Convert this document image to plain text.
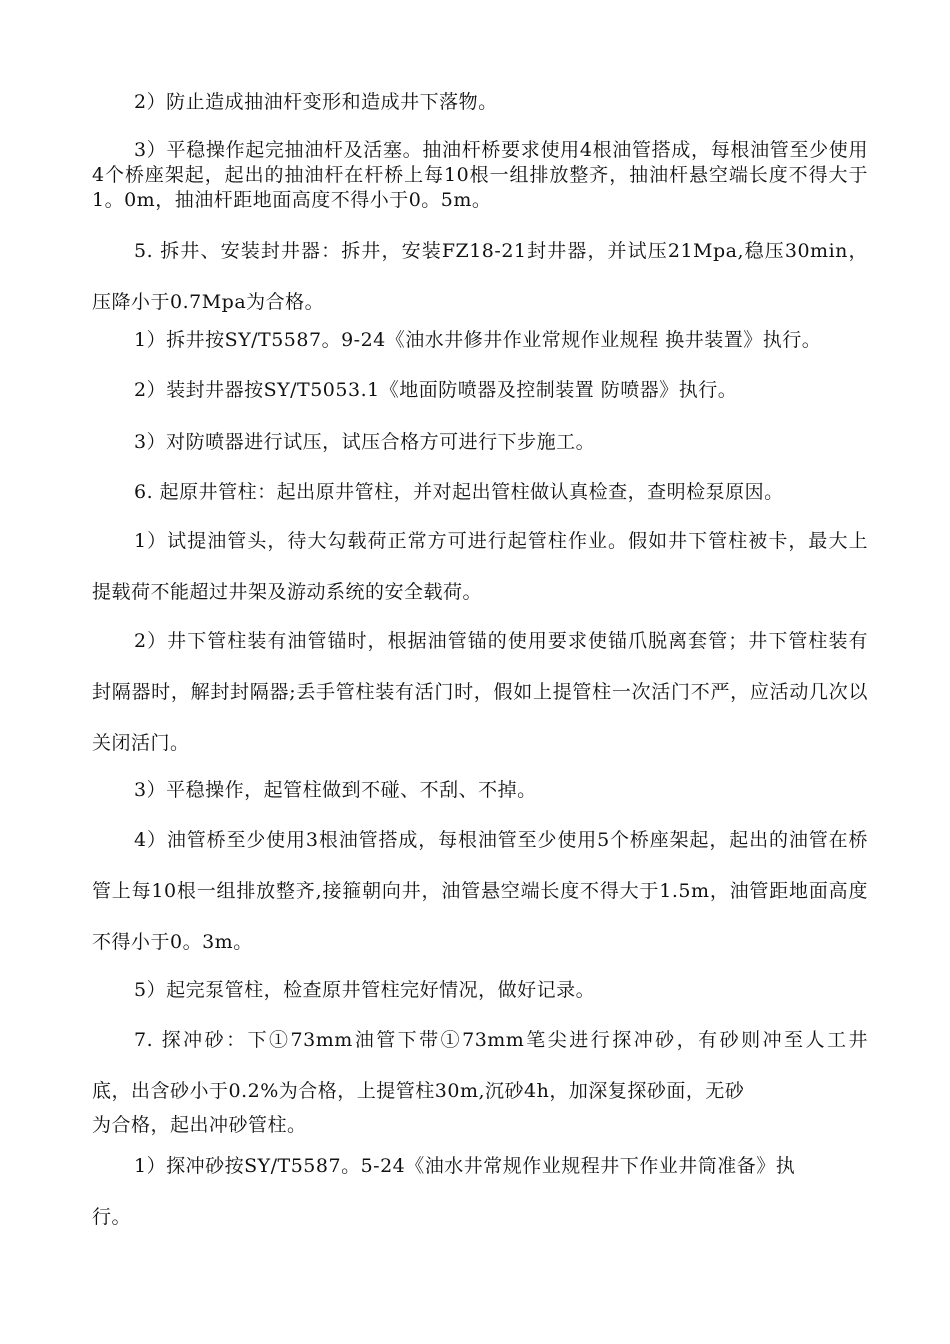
2）防止造成抽油杆变形和造成井下落物。

3）平稳操作起完抽油杆及活塞。抽油杆桥要求使用4根油管搭成，每根油管至少使用4个桥座架起，起出的抽油杆在杆桥上每10根一组排放整齐，抽油杆悬空端长度不得大于1。0m，抽油杆距地面高度不得小于0。5m。

5. 拆井、安装封井器：拆井，安装FZ18-21封井器，并试压21Mpa,稳压30min，压降小于0.7Mpa为合格。

1）拆井按SY/T5587。9-24《油水井修井作业常规作业规程 换井装置》执行。

2）装封井器按SY/T5053.1《地面防喷器及控制装置 防喷器》执行。

3）对防喷器进行试压，试压合格方可进行下步施工。

6. 起原井管柱：起出原井管柱，并对起出管柱做认真检查，查明检泵原因。

1）试提油管头，待大勾载荷正常方可进行起管柱作业。假如井下管柱被卡，最大上提载荷不能超过井架及游动系统的安全载荷。

2）井下管柱装有油管锚时，根据油管锚的使用要求使锚爪脱离套管；井下管柱装有封隔器时，解封封隔器;丢手管柱装有活门时，假如上提管柱一次活门不严，应活动几次以关闭活门。

3）平稳操作，起管柱做到不碰、不刮、不掉。

4）油管桥至少使用3根油管搭成，每根油管至少使用5个桥座架起，起出的油管在桥管上每10根一组排放整齐,接箍朝向井，油管悬空端长度不得大于1.5m，油管距地面高度不得小于0。3m。

5）起完泵管柱，检查原井管柱完好情况，做好记录。

7. 探冲砂：下①73mm油管下带①73mm笔尖进行探冲砂，有砂则冲至人工井
底，出含砂小于0.2%为合格，上提管柱30m,沉砂4h，加深复探砂面，无砂
为合格，起出冲砂管柱。
1）探冲砂按SY/T5587。5-24《油水井常规作业规程井下作业井筒准备》执
行。
